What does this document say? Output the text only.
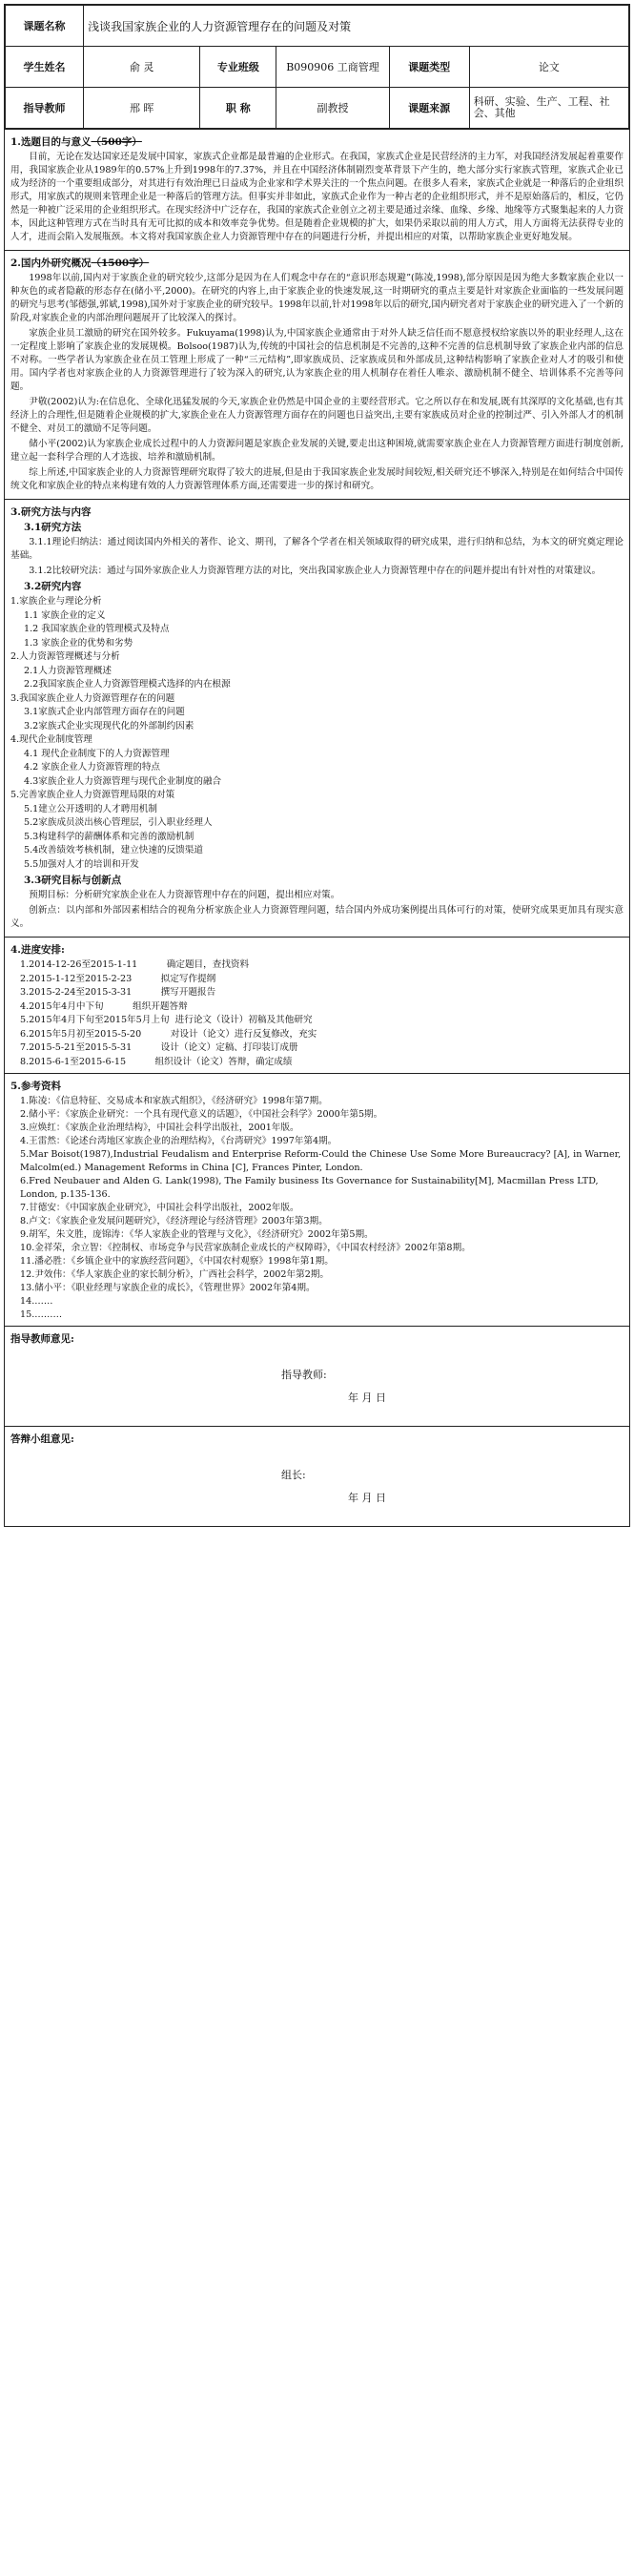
课题名称	浅谈我国家族企业的人力资源管理存在的问题及对策				
学生姓名	俞 灵	专业班级	B090906 工商管理	课题类型	论文
指导教师	邢 晖	职 称	副教授	课题来源	科研、实验、生产、工程、社会、其他
1.选题目的与意义（500字）

目前，无论在发达国家还是发展中国家，家族式企业都是最普遍的企业形式。在我国，家族式企业是民营经济的主力军，对我国经济发展起着重要作用，我国家族企业从1989年的0.57%上升到1998年的7.37%，并且在中国经济体制剧烈变革背景下产生的，绝大部分实行家族式管理，家族式企业已成为经济的一个重要组成部分，对其进行有效治理已日益成为企业家和学术界关注的一个焦点问题。在很多人看来，家族式企业就是一种落后的企业组织形式，用家族式的规则来管理企业是一种落后的管理方法。但事实并非如此，家族式企业作为一种古老的企业组织形式，并不是原始落后的，相反，它仍然是一种被广泛采用的企业组织形式。在现实经济中广泛存在，我国的家族式企业创立之初主要是通过亲缘、血缘、乡缘、地缘等方式聚集起来的人力资本，因此这种管理方式在当时具有无可比拟的成本和效率竞争优势。但是随着企业规模的扩大，如果仍采取以前的用人方式，用人方面将无法获得专业的人才，进而会陷入发展瓶颈。本文将对我国家族企业人力资源管理中存在的问题进行分析，并提出相应的对策，以帮助家族企业更好地发展。

2.国内外研究概况（1500字）

1998年以前,国内对于家族企业的研究较少,这部分是因为在人们观念中存在的“意识形态规避”(陈凌,1998),部分原因是因为绝大多数家族企业以一种灰色的或者隐蔽的形态存在(储小平,2000)。在研究的内容上,由于家族企业的快速发展,这一时期研究的重点主要是针对家族企业面临的一些发展问题的研究与思考(邹德强,郭斌,1998),国外对于家族企业的研究较早。1998年以前,针对1998年以后的研究,国内研究者对于家族企业的研究进入了一个新的阶段,对家族企业的内部治理问题展开了比较深入的探讨。

家族企业员工激励的研究在国外较多。Fukuyama(1998)认为,中国家族企业通常由于对外人缺乏信任而不愿意授权给家族以外的职业经理人,这在一定程度上影响了家族企业的发展规模。Bolsoo(1987)认为,传统的中国社会的信息机制是不完善的,这种不完善的信息机制导致了家族企业内部的信息不对称。一些学者认为家族企业在员工管理上形成了一种“三元结构”,即家族成员、泛家族成员和外部成员,这种结构影响了家族企业对人才的吸引和使用。国内学者也对家族企业的人力资源管理进行了较为深入的研究,认为家族企业的用人机制存在着任人唯亲、激励机制不健全、培训体系不完善等问题。

尹敬(2002)认为:在信息化、全球化迅猛发展的今天,家族企业仍然是中国企业的主要经营形式。它之所以存在和发展,既有其深厚的文化基础,也有其经济上的合理性,但是随着企业规模的扩大,家族企业在人力资源管理方面存在的问题也日益突出,主要有家族成员对企业的控制过严、引入外部人才的机制不健全、对员工的激励不足等问题。

储小平(2002)认为家族企业成长过程中的人力资源问题是家族企业发展的关键,要走出这种困境,就需要家族企业在人力资源管理方面进行制度创新,建立起一套科学合理的人才选拔、培养和激励机制。

综上所述,中国家族企业的人力资源管理研究取得了较大的进展,但是由于我国家族企业发展时间较短,相关研究还不够深入,特别是在如何结合中国传统文化和家族企业的特点来构建有效的人力资源管理体系方面,还需要进一步的探讨和研究。

3.研究方法与内容
3.1研究方法

3.1.1理论归纳法：通过阅读国内外相关的著作、论文、期刊，了解各个学者在相关领域取得的研究成果，进行归纳和总结，为本文的研究奠定理论基础。

3.1.2比较研究法：通过与国外家族企业人力资源管理方法的对比，突出我国家族企业人力资源管理中存在的问题并提出有针对性的对策建议。

3.2研究内容
1.家族企业与理论分析
1.1 家族企业的定义
1.2 我国家族企业的管理模式及特点
1.3 家族企业的优势和劣势
2.人力资源管理概述与分析
2.1人力资源管理概述
2.2我国家族企业人力资源管理模式选择的内在根源
3.我国家族企业人力资源管理存在的问题
3.1家族式企业内部管理方面存在的问题
3.2家族式企业实现现代化的外部制约因素
4.现代企业制度管理
4.1 现代企业制度下的人力资源管理
4.2 家族企业人力资源管理的特点
4.3家族企业人力资源管理与现代企业制度的融合
5.完善家族企业人力资源管理局限的对策
5.1建立公开透明的人才聘用机制
5.2家族成员淡出核心管理层，引入职业经理人
5.3构建科学的薪酬体系和完善的激励机制
5.4改善绩效考核机制，建立快速的反馈渠道
5.5加强对人才的培训和开发
3.3研究目标与创新点

预期目标：分析研究家族企业在人力资源管理中存在的问题，提出相应对策。

创新点：以内部和外部因素相结合的视角分析家族企业人力资源管理问题，结合国内外成功案例提出具体可行的对策，使研究成果更加具有现实意义。

4.进度安排:
1.2014-12-26至2015-1-11          确定题目，查找资料
2.2015-1-12至2015-2-23          拟定写作提纲
3.2015-2-24至2015-3-31          撰写开题报告
4.2015年4月中下旬          组织开题答辩
5.2015年4月下旬至2015年5月上旬  进行论文（设计）初稿及其他研究
6.2015年5月初至2015-5-20          对设计（论文）进行反复修改，充实
7.2015-5-21至2015-5-31          设计（论文）定稿、打印装订成册
8.2015-6-1至2015-6-15          组织设计（论文）答辩，确定成绩
5.参考资料
1.陈凌：《信息特征、交易成本和家族式组织》，《经济研究》1998年第7期。
2.储小平：《家族企业研究：一个具有现代意义的话题》，《中国社会科学》2000年第5期。
3.应焕红：《家族企业治理结构》，中国社会科学出版社，2001年版。
4.王雷然：《论述台湾地区家族企业的治理结构》，《台湾研究》1997年第4期。
5.Mar Boisot(1987),Industrial Feudalism and Enterprise Reform-Could the Chinese Use Some More Bureaucracy? [A], in Warner, Malcolm(ed.) Management Reforms in China [C], Frances Pinter, London.
6.Fred Neubauer and Alden G. Lank(1998), The Family business Its Governance for Sustainability[M], Macmillan Press LTD, London, p.135-136.
7.甘德安：《中国家族企业研究》，中国社会科学出版社，2002年版。
8.卢文：《家族企业发展问题研究》，《经济理论与经济管理》2003年第3期。
9.胡军，朱文胜，庞锦涛：《华人家族企业的管理与文化》，《经济研究》2002年第5期。
10.金祥荣，余立智：《控制权、市场竞争与民营家族制企业成长的产权障碍》，《中国农村经济》2002年第8期。
11.潘必胜：《乡镇企业中的家族经营问题》，《中国农村观察》1998年第1期。
12.尹效伟：《华人家族企业的家长制分析》，广西社会科学，2002年第2期。
13.储小平：《职业经理与家族企业的成长》，《管理世界》2002年第4期。
14.……
15.………
指导教师意见:
指导教师:
年 月 日
答辩小组意见:
组长:
年 月 日
